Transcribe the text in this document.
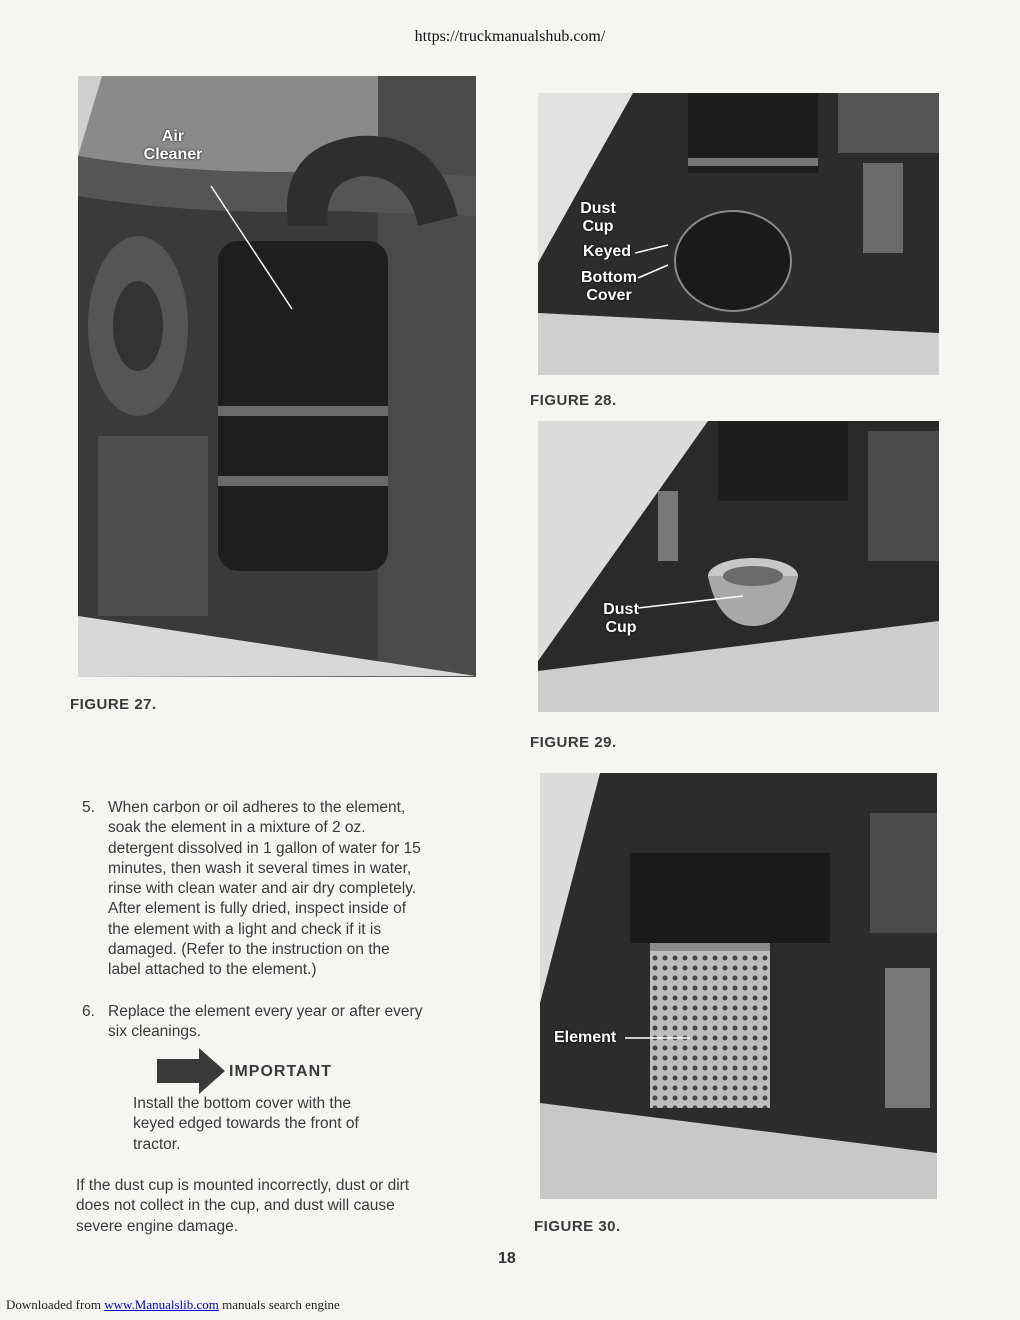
https://truckmanualshub.com/
Air
Cleaner
FIGURE 27.
Dust
Cup
Keyed
Bottom
Cover
FIGURE 28.
Dust
Cup
FIGURE 29.
Element
FIGURE 30.
5. When carbon or oil adheres to the element,
soak the element in a mixture of 2 oz.
detergent dissolved in 1 gallon of water for 15
minutes, then wash it several times in water,
rinse with clean water and air dry completely.
After element is fully dried, inspect inside of
the element with a light and check if it is
damaged. (Refer to the instruction on the
label attached to the element.)
6. Replace the element every year or after every
six cleanings.
IMPORTANT
Install the bottom cover with the
keyed edged towards the front of
tractor.
If the dust cup is mounted incorrectly, dust or dirt
does not collect in the cup, and dust will cause
severe engine damage.
18
Downloaded from www.Manualslib.com manuals search engine
